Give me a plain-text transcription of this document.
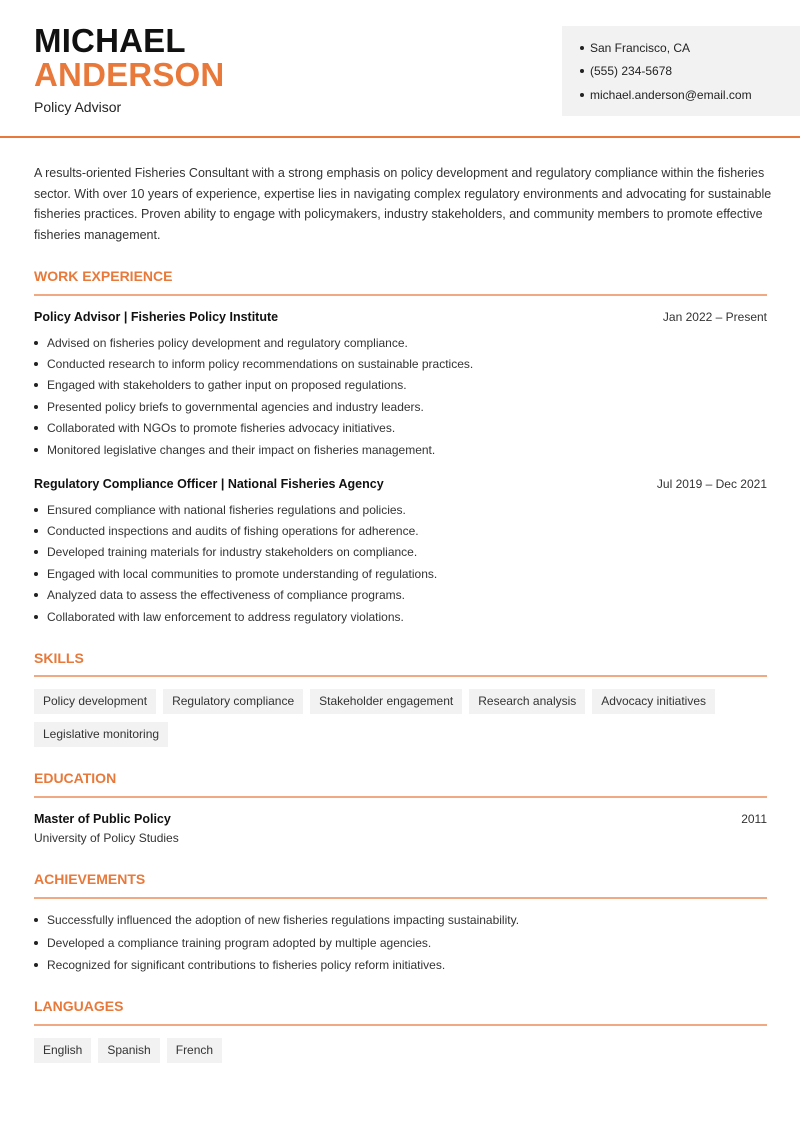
MICHAEL
ANDERSON
Policy Advisor
San Francisco, CA
(555) 234-5678
michael.anderson@email.com
A results-oriented Fisheries Consultant with a strong emphasis on policy development and regulatory compliance within the fisheries sector. With over 10 years of experience, expertise lies in navigating complex regulatory environments and advocating for sustainable fisheries practices. Proven ability to engage with policymakers, industry stakeholders, and community members to promote effective fisheries management.
WORK EXPERIENCE
Policy Advisor | Fisheries Policy Institute	Jan 2022 – Present
Advised on fisheries policy development and regulatory compliance.
Conducted research to inform policy recommendations on sustainable practices.
Engaged with stakeholders to gather input on proposed regulations.
Presented policy briefs to governmental agencies and industry leaders.
Collaborated with NGOs to promote fisheries advocacy initiatives.
Monitored legislative changes and their impact on fisheries management.
Regulatory Compliance Officer | National Fisheries Agency	Jul 2019 – Dec 2021
Ensured compliance with national fisheries regulations and policies.
Conducted inspections and audits of fishing operations for adherence.
Developed training materials for industry stakeholders on compliance.
Engaged with local communities to promote understanding of regulations.
Analyzed data to assess the effectiveness of compliance programs.
Collaborated with law enforcement to address regulatory violations.
SKILLS
Policy development	Regulatory compliance	Stakeholder engagement	Research analysis	Advocacy initiatives
Legislative monitoring
EDUCATION
Master of Public Policy	2011
University of Policy Studies
ACHIEVEMENTS
Successfully influenced the adoption of new fisheries regulations impacting sustainability.
Developed a compliance training program adopted by multiple agencies.
Recognized for significant contributions to fisheries policy reform initiatives.
LANGUAGES
English	Spanish	French
